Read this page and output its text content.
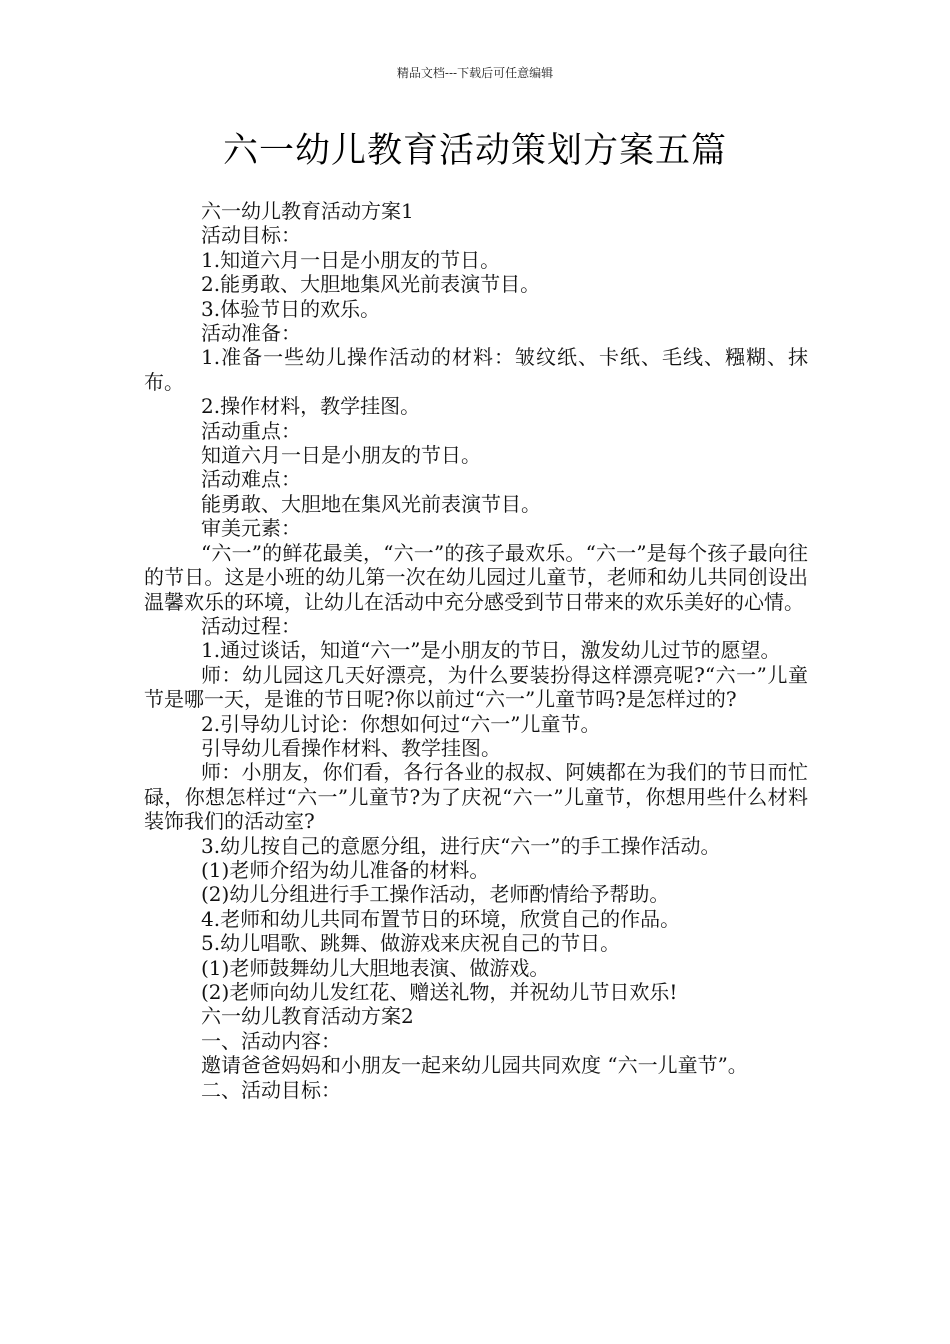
精品文档---下载后可任意编辑
六一幼儿教育活动策划方案五篇

六一幼儿教育活动方案1

活动目标：

1.知道六月一日是小朋友的节日。

2.能勇敢、大胆地集风光前表演节目。

3.体验节日的欢乐。

活动准备：

1.准备一些幼儿操作活动的材料：皱纹纸、卡纸、毛线、糨糊、抹布。

2.操作材料，教学挂图。

活动重点：

知道六月一日是小朋友的节日。

活动难点：

能勇敢、大胆地在集风光前表演节目。

审美元素：

“六一”的鲜花最美，“六一”的孩子最欢乐。“六一”是每个孩子最向往的节日。这是小班的幼儿第一次在幼儿园过儿童节，老师和幼儿共同创设出温馨欢乐的环境，让幼儿在活动中充分感受到节日带来的欢乐美好的心情。

活动过程：

1.通过谈话，知道“六一”是小朋友的节日，激发幼儿过节的愿望。

师：幼儿园这几天好漂亮，为什么要装扮得这样漂亮呢?“六一”儿童节是哪一天，是谁的节日呢?你以前过“六一”儿童节吗?是怎样过的?

2.引导幼儿讨论：你想如何过“六一”儿童节。

引导幼儿看操作材料、教学挂图。

师：小朋友，你们看，各行各业的叔叔、阿姨都在为我们的节日而忙碌，你想怎样过“六一”儿童节?为了庆祝“六一”儿童节，你想用些什么材料装饰我们的活动室?

3.幼儿按自己的意愿分组，进行庆“六一”的手工操作活动。

(1)老师介绍为幼儿准备的材料。

(2)幼儿分组进行手工操作活动，老师酌情给予帮助。

4.老师和幼儿共同布置节日的环境，欣赏自己的作品。

5.幼儿唱歌、跳舞、做游戏来庆祝自己的节日。

(1)老师鼓舞幼儿大胆地表演、做游戏。

(2)老师向幼儿发红花、赠送礼物，并祝幼儿节日欢乐!

六一幼儿教育活动方案2

一、活动内容：

邀请爸爸妈妈和小朋友一起来幼儿园共同欢度 “六一儿童节”。

二、活动目标：
